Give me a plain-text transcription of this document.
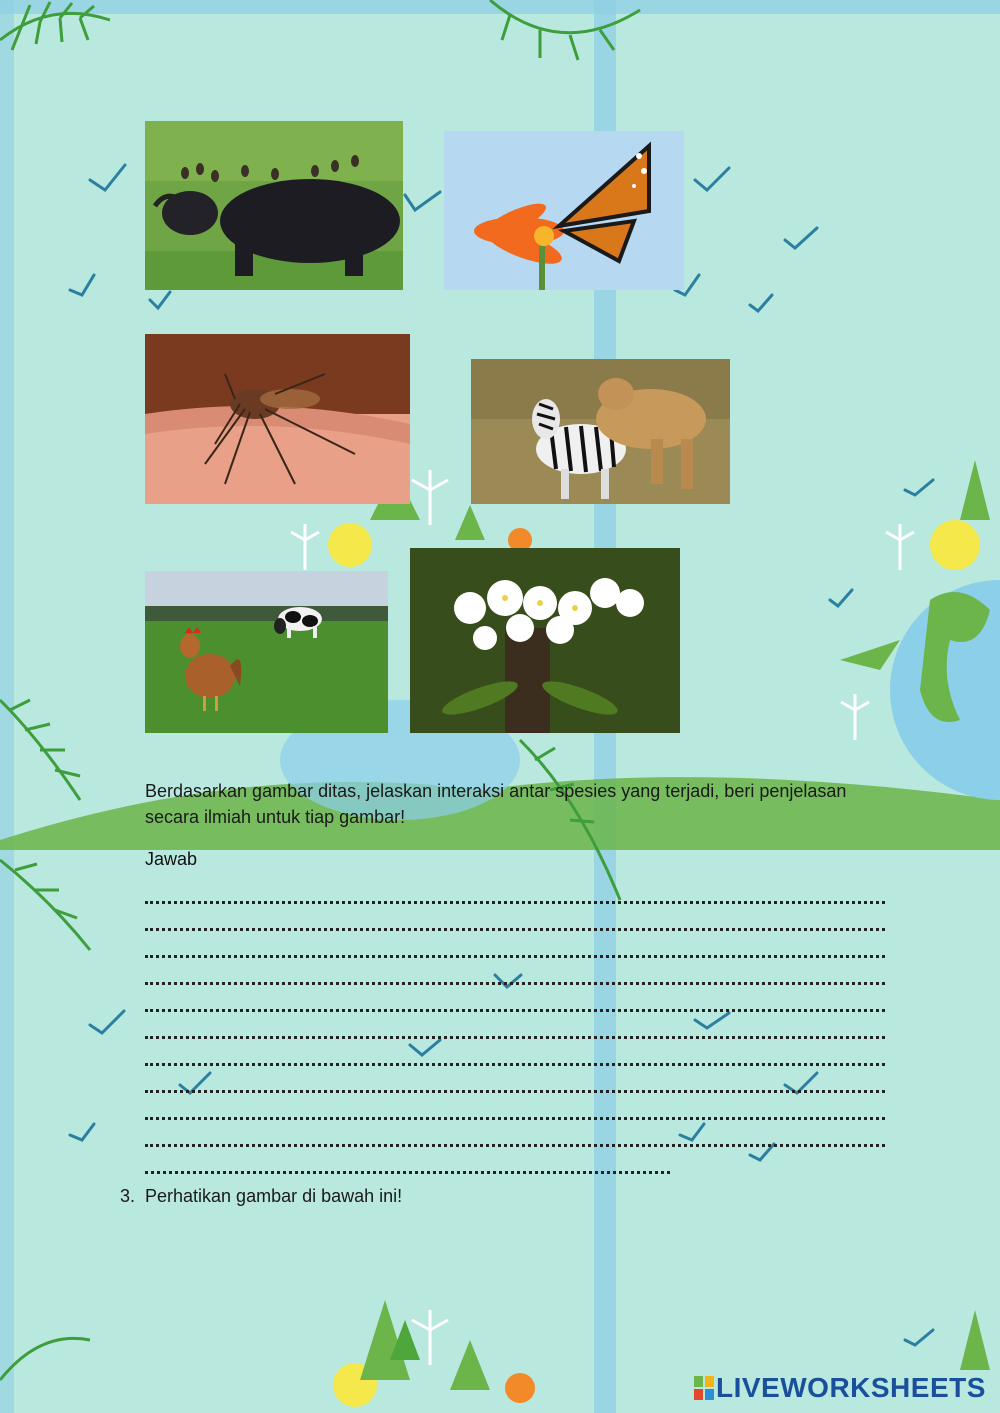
Berdasarkan gambar ditas, jelaskan interaksi antar spesies yang terjadi, beri penjelasan secara ilmiah untuk tiap gambar!

Jawab
3. Perhatikan gambar di bawah ini!
LIVEWORKSHEETS
